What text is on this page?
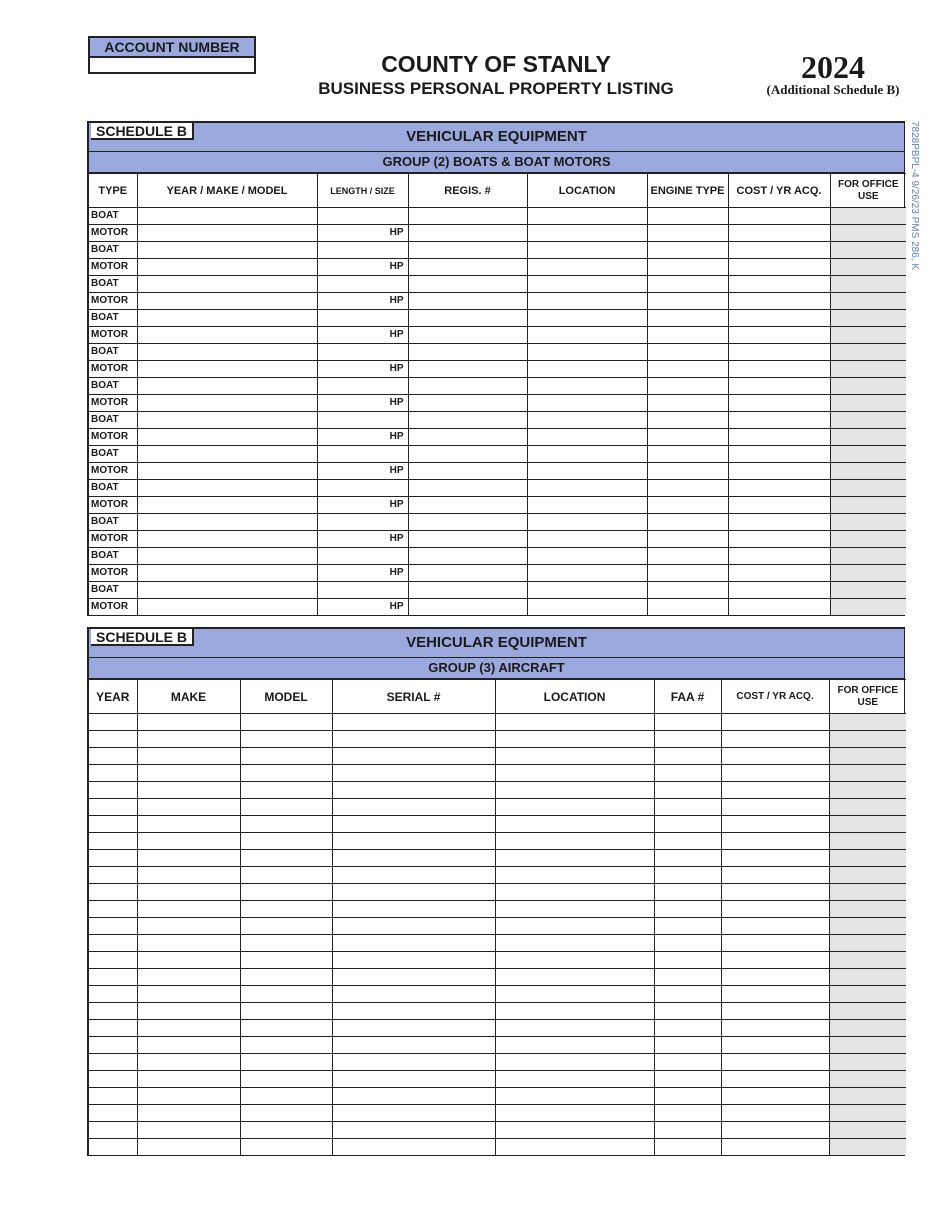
ACCOUNT NUMBER
COUNTY OF STANLY
BUSINESS PERSONAL PROPERTY LISTING
2024
(Additional Schedule B)
7828PBPL-4 9/26/23 PMS 286, K
SCHEDULE B	VEHICULAR EQUIPMENT
GROUP (2) BOATS & BOAT MOTORS
TYPE	YEAR / MAKE / MODEL	LENGTH / SIZE	REGIS. #	LOCATION	ENGINE TYPE	COST / YR ACQ.	FOR OFFICE USE
BOAT							
MOTOR		HP					
BOAT							
MOTOR		HP					
BOAT							
MOTOR		HP					
BOAT							
MOTOR		HP					
BOAT							
MOTOR		HP					
BOAT							
MOTOR		HP					
BOAT							
MOTOR		HP					
BOAT							
MOTOR		HP					
BOAT							
MOTOR		HP					
BOAT							
MOTOR		HP					
BOAT							
MOTOR		HP					
BOAT							
MOTOR		HP					
SCHEDULE B	VEHICULAR EQUIPMENT
GROUP (3) AIRCRAFT
YEAR	MAKE	MODEL	SERIAL #	LOCATION	FAA #	COST / YR ACQ.	FOR OFFICE USE
